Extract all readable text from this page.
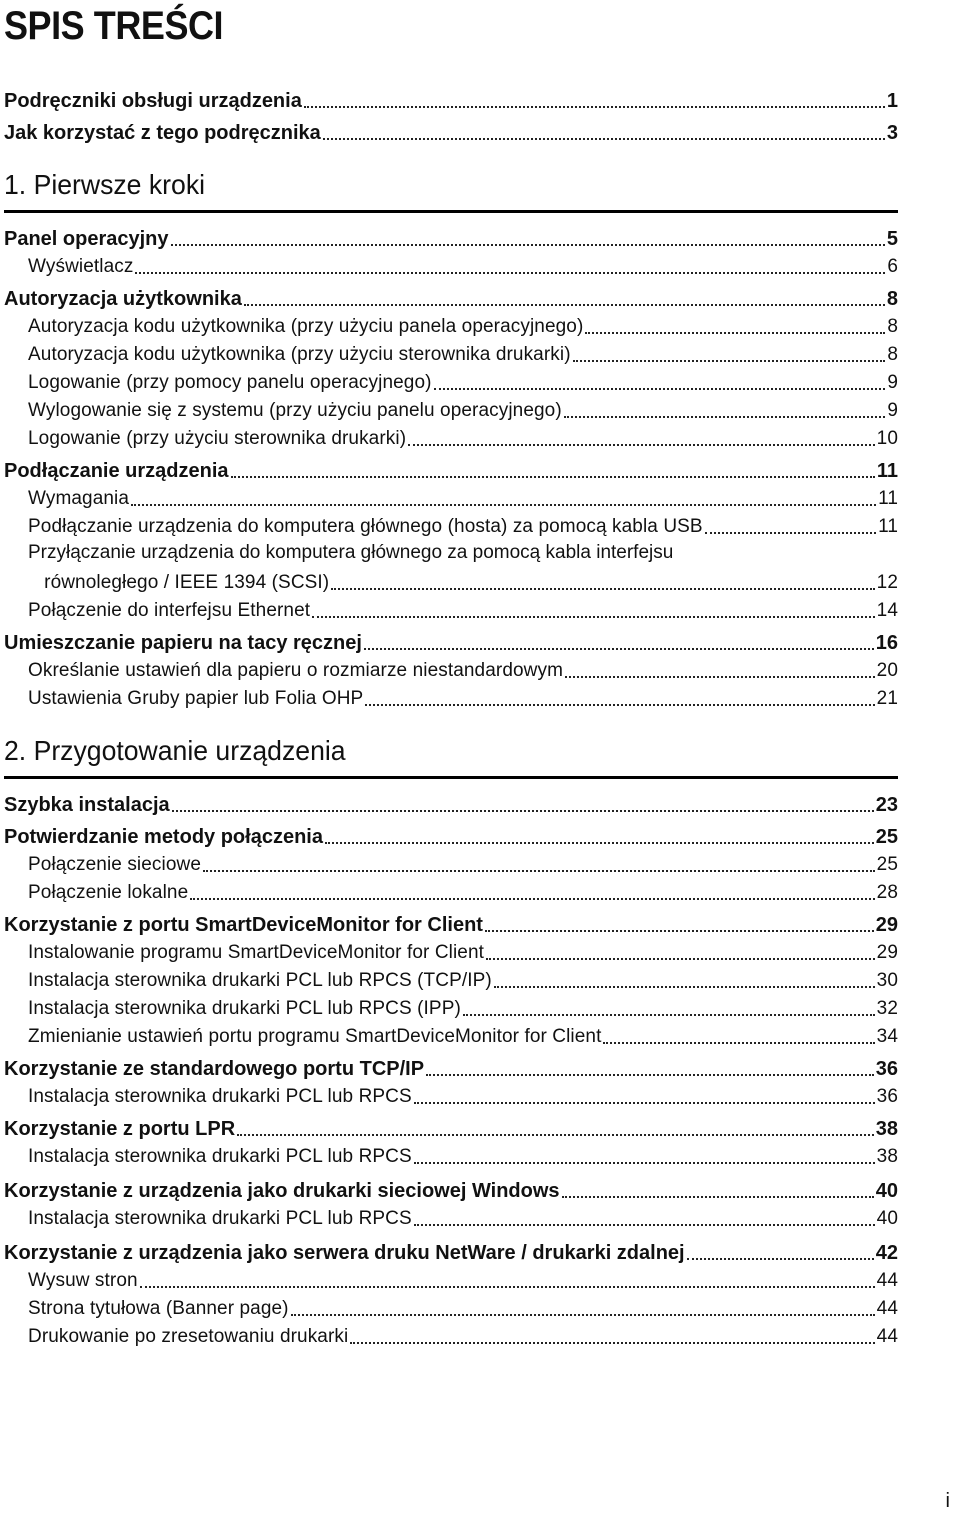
SPIS TREŚCI
Podręczniki obsługi urządzenia	1
Jak korzystać z tego podręcznika	3
1. Pierwsze kroki
Panel operacyjny	5
Wyświetlacz	6
Autoryzacja użytkownika	8
Autoryzacja kodu użytkownika (przy użyciu panela operacyjnego)	8
Autoryzacja kodu użytkownika (przy użyciu sterownika drukarki)	8
Logowanie (przy pomocy panelu operacyjnego)	9
Wylogowanie się z systemu (przy użyciu panelu operacyjnego)	9
Logowanie (przy użyciu sterownika drukarki)	10
Podłączanie urządzenia	11
Wymagania	11
Podłączanie urządzenia do komputera głównego (hosta) za pomocą kabla USB	11
Przyłączanie urządzenia do komputera głównego za pomocą kabla interfejsu
równoległego / IEEE 1394 (SCSI)	12
Połączenie do interfejsu Ethernet	14
Umieszczanie papieru na tacy ręcznej	16
Określanie ustawień dla papieru o rozmiarze niestandardowym	20
Ustawienia Gruby papier lub Folia OHP	21
2. Przygotowanie urządzenia
Szybka instalacja	23
Potwierdzanie metody połączenia	25
Połączenie sieciowe	25
Połączenie lokalne	28
Korzystanie z portu SmartDeviceMonitor for Client	29
Instalowanie programu SmartDeviceMonitor for Client	29
Instalacja sterownika drukarki PCL lub RPCS (TCP/IP)	30
Instalacja sterownika drukarki PCL lub RPCS (IPP)	32
Zmienianie ustawień portu programu SmartDeviceMonitor for Client	34
Korzystanie ze standardowego portu TCP/IP	36
Instalacja sterownika drukarki PCL lub RPCS	36
Korzystanie z portu LPR	38
Instalacja sterownika drukarki PCL lub RPCS	38
Korzystanie z urządzenia jako drukarki sieciowej Windows	40
Instalacja sterownika drukarki PCL lub RPCS	40
Korzystanie z urządzenia jako serwera druku NetWare / drukarki zdalnej	42
Wysuw stron	44
Strona tytułowa (Banner page)	44
Drukowanie po zresetowaniu drukarki	44
i
